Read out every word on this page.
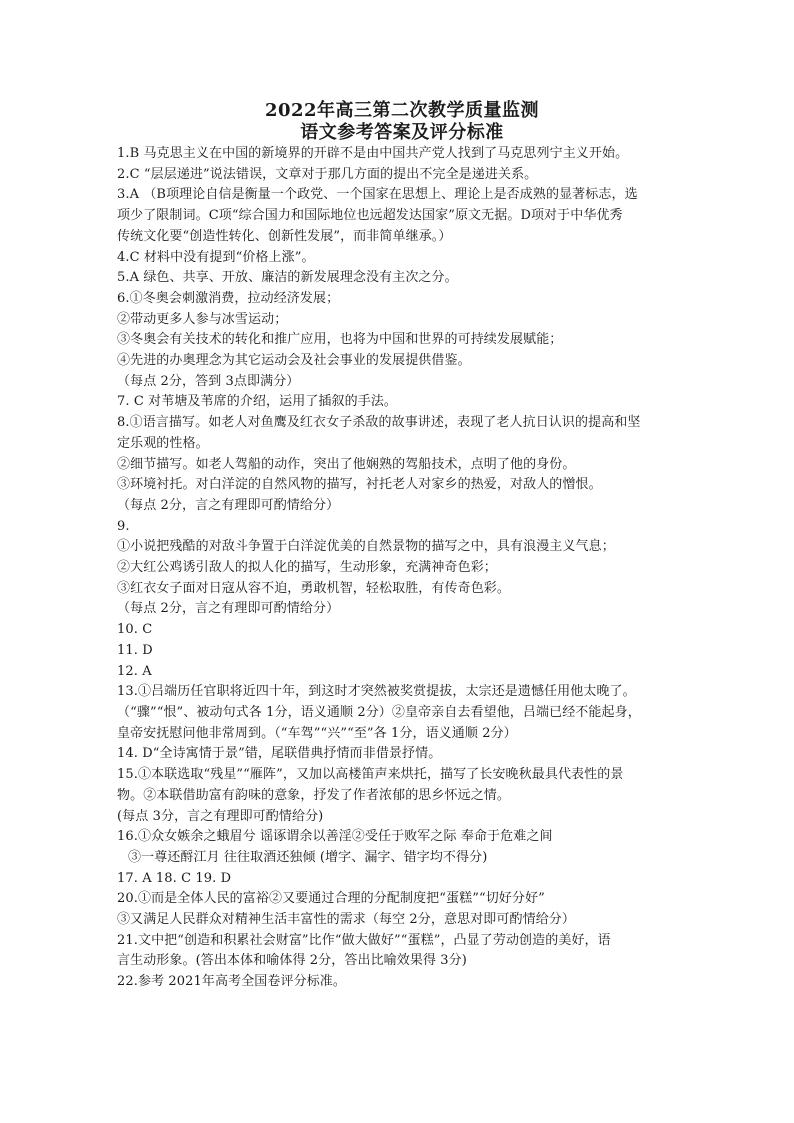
2022年高三第二次教学质量监测
语文参考答案及评分标准
1.B 马克思主义在中国的新境界的开辟不是由中国共产党人找到了马克思列宁主义开始。
2.C “层层递进”说法错误，文章对于那几方面的提出不完全是递进关系。
3.A （B项理论自信是衡量一个政党、一个国家在思想上、理论上是否成熟的显著标志，选
项少了限制词。C项“综合国力和国际地位也远超发达国家”原文无据。D项对于中华优秀
传统文化要“创造性转化、创新性发展”，而非简单继承。）
4.C 材料中没有提到“价格上涨”。
5.A 绿色、共享、开放、廉洁的新发展理念没有主次之分。
6.①冬奥会刺激消费，拉动经济发展；
②带动更多人参与冰雪运动；
③冬奥会有关技术的转化和推广应用，也将为中国和世界的可持续发展赋能；
④先进的办奥理念为其它运动会及社会事业的发展提供借鉴。
（每点 2分，答到 3点即满分）
7. C 对苇塘及苇席的介绍，运用了插叙的手法。
8.①语言描写。如老人对鱼鹰及红衣女子杀敌的故事讲述，表现了老人抗日认识的提高和坚
定乐观的性格。
②细节描写。如老人驾船的动作，突出了他娴熟的驾船技术，点明了他的身份。
③环境衬托。对白洋淀的自然风物的描写，衬托老人对家乡的热爱，对敌人的憎恨。
（每点 2分，言之有理即可酌情给分）
9.
①小说把残酷的对敌斗争置于白洋淀优美的自然景物的描写之中，具有浪漫主义气息；
②大红公鸡诱引敌人的拟人化的描写，生动形象，充满神奇色彩；
③红衣女子面对日寇从容不迫，勇敢机智，轻松取胜，有传奇色彩。
（每点 2分，言之有理即可酌情给分）
10. C
11. D
12. A
13.①吕端历任官职将近四十年，到这时才突然被奖赏提拔，太宗还是遗憾任用他太晚了。
（“骤”“恨”、被动句式各 1分，语义通顺 2分）②皇帝亲自去看望他，吕端已经不能起身，
皇帝安抚慰问他非常周到。（“车驾”“兴”“至”各 1分，语义通顺 2分）
14. D“全诗寓情于景”错，尾联借典抒情而非借景抒情。
15.①本联选取“残星”“雁阵”，又加以高楼笛声来烘托，描写了长安晚秋最具代表性的景
物。②本联借助富有韵味的意象，抒发了作者浓郁的思乡怀远之情。
(每点 3分，言之有理即可酌情给分)
16.①众女嫉余之蛾眉兮 谣诼谓余以善淫②受任于败军之际 奉命于危难之间
③一尊还酹江月 往往取酒还独倾 (增字、漏字、错字均不得分)
17. A 18. C 19. D
20.①而是全体人民的富裕②又要通过合理的分配制度把“蛋糕”“切好分好”
③又满足人民群众对精神生活丰富性的需求（每空 2分，意思对即可酌情给分）
21.文中把“创造和积累社会财富”比作“做大做好”“蛋糕”，凸显了劳动创造的美好，语
言生动形象。(答出本体和喻体得 2分，答出比喻效果得 3分)
22.参考 2021年高考全国卷评分标准。
